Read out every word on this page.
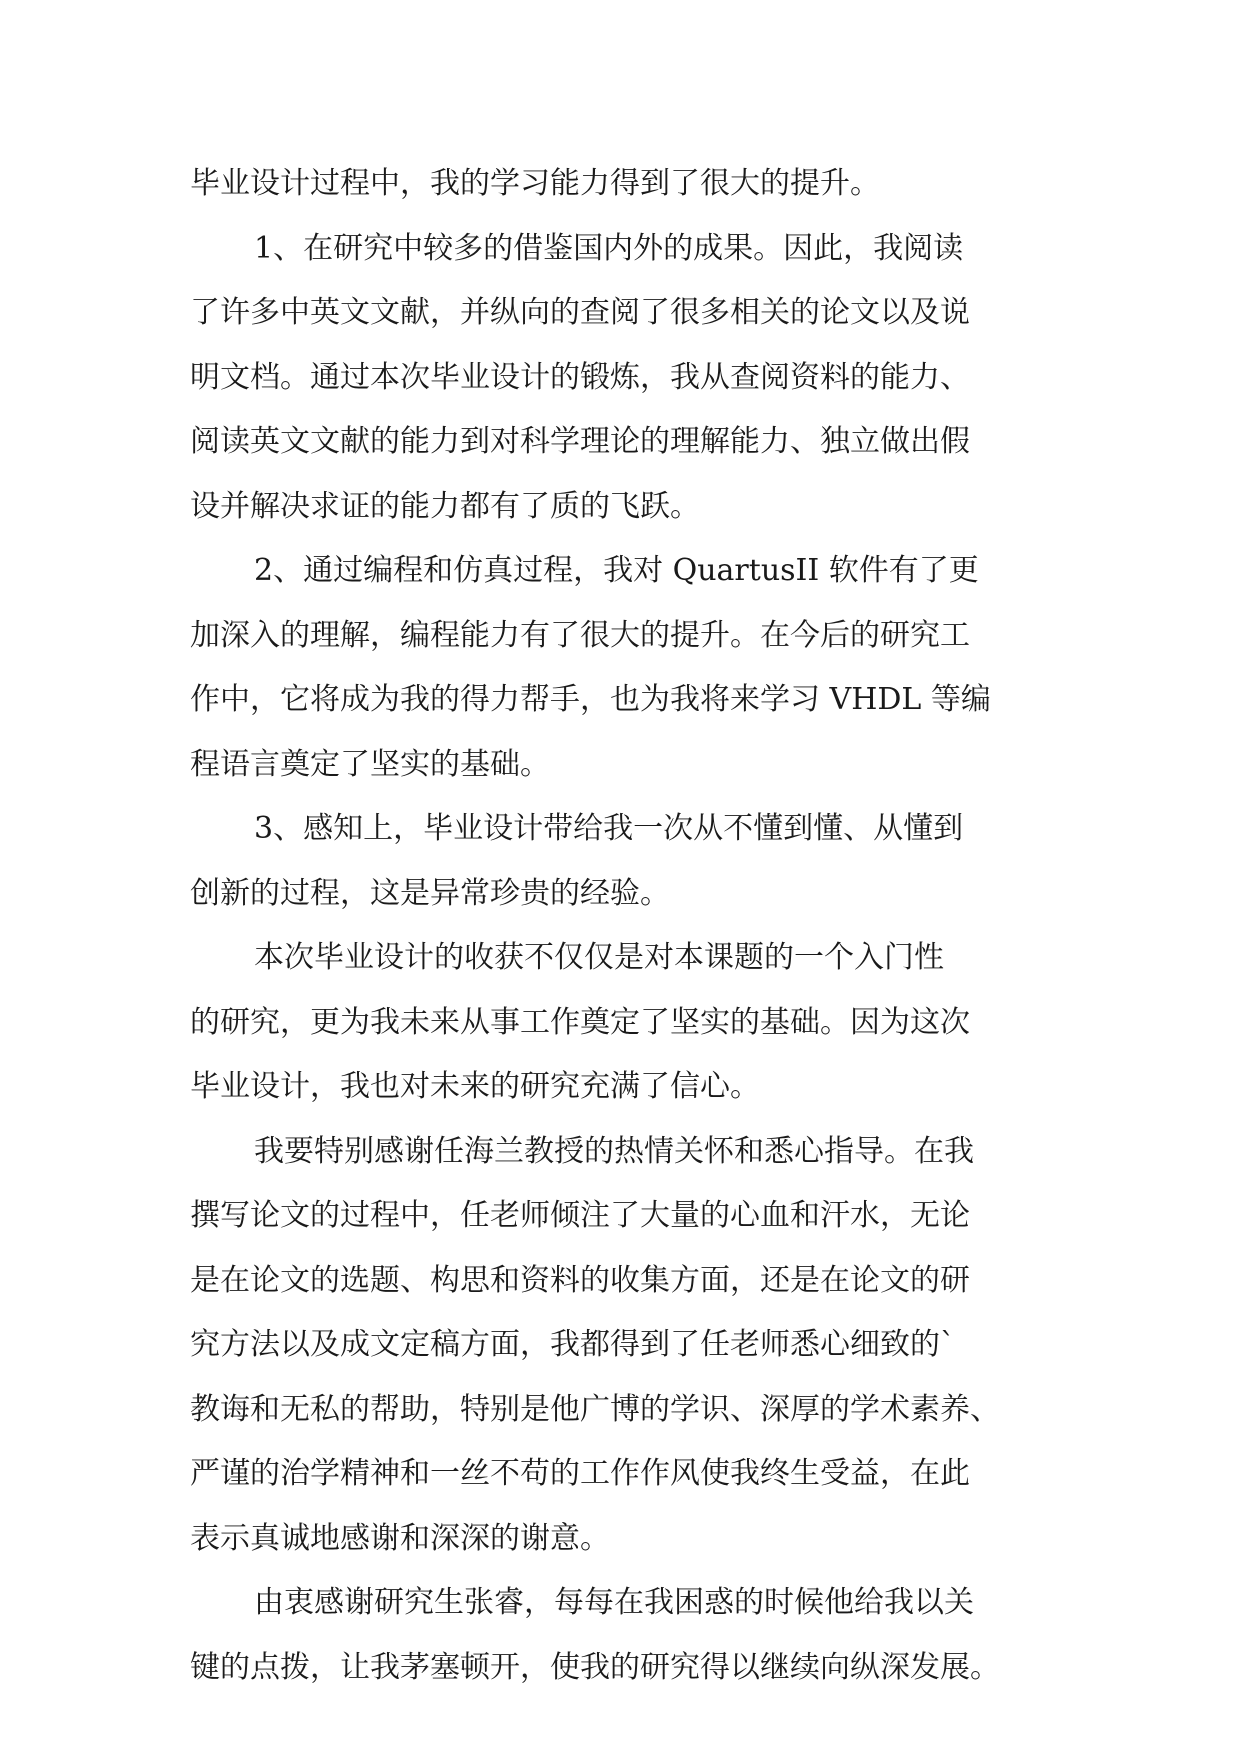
毕业设计过程中，我的学习能力得到了很大的提升。
1、在研究中较多的借鉴国内外的成果。因此，我阅读
了许多中英文文献，并纵向的查阅了很多相关的论文以及说
明文档。通过本次毕业设计的锻炼，我从查阅资料的能力、
阅读英文文献的能力到对科学理论的理解能力、独立做出假
设并解决求证的能力都有了质的飞跃。
2、通过编程和仿真过程，我对 QuartusII 软件有了更
加深入的理解，编程能力有了很大的提升。在今后的研究工
作中，它将成为我的得力帮手，也为我将来学习 VHDL 等编
程语言奠定了坚实的基础。
3、感知上，毕业设计带给我一次从不懂到懂、从懂到
创新的过程，这是异常珍贵的经验。
本次毕业设计的收获不仅仅是对本课题的一个入门性
的研究，更为我未来从事工作奠定了坚实的基础。因为这次
毕业设计，我也对未来的研究充满了信心。
我要特别感谢任海兰教授的热情关怀和悉心指导。在我
撰写论文的过程中，任老师倾注了大量的心血和汗水，无论
是在论文的选题、构思和资料的收集方面，还是在论文的研
究方法以及成文定稿方面，我都得到了任老师悉心细致的`
教诲和无私的帮助，特别是他广博的学识、深厚的学术素养、
严谨的治学精神和一丝不苟的工作作风使我终生受益，在此
表示真诚地感谢和深深的谢意。
由衷感谢研究生张睿，每每在我困惑的时候他给我以关
键的点拨，让我茅塞顿开，使我的研究得以继续向纵深发展。
